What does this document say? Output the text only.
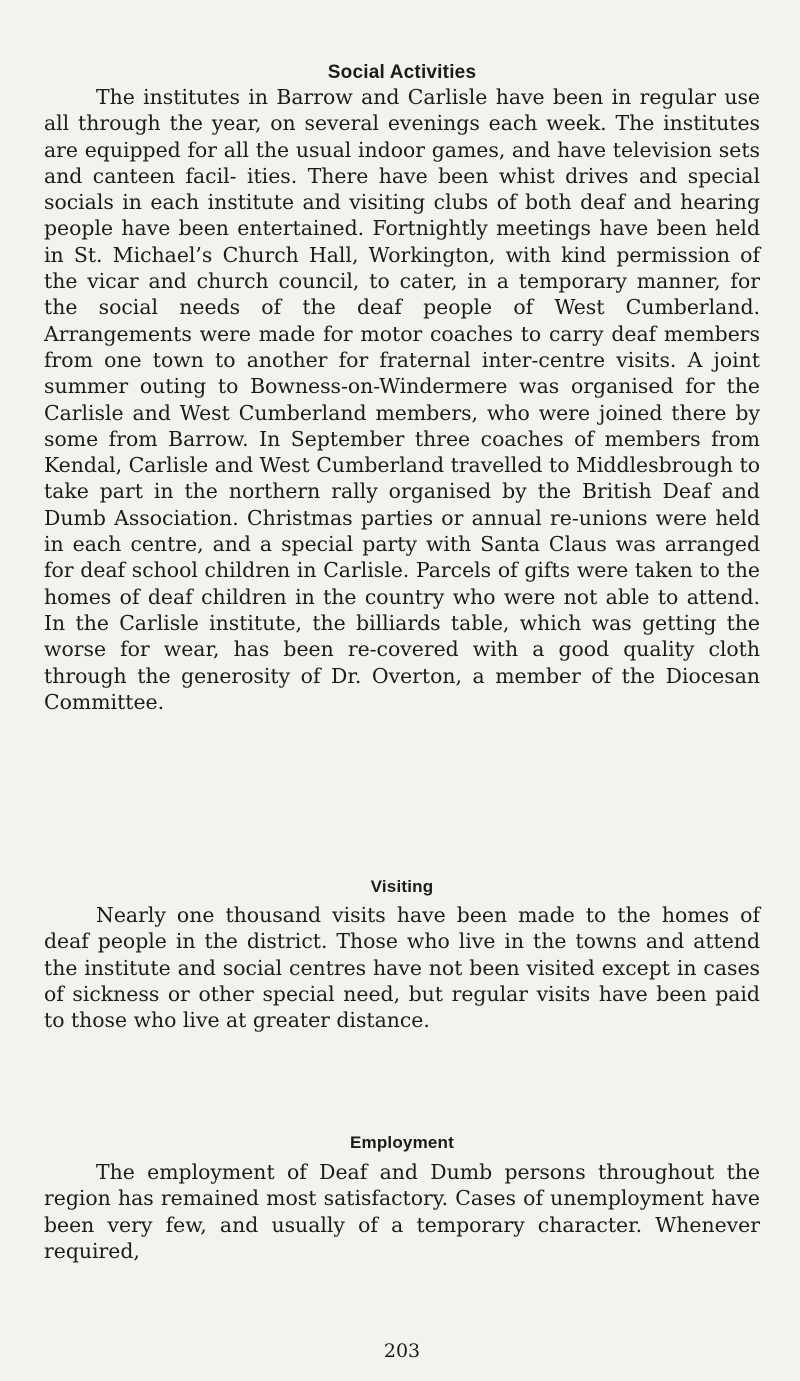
Social Activities

The institutes in Barrow and Carlisle have been in regular use all through the year, on several evenings each week. The institutes are equipped for all the usual indoor games, and have television sets and canteen facil- ities. There have been whist drives and special socials in each institute and visiting clubs of both deaf and hearing people have been entertained. Fortnightly meetings have been held in St. Michael’s Church Hall, Workington, with kind permission of the vicar and church council, to cater, in a temporary manner, for the social needs of the deaf people of West Cumberland. Arrangements were made for motor coaches to carry deaf members from one town to another for fraternal inter-centre visits. A joint summer outing to Bowness-on-Windermere was organised for the Carlisle and West Cumberland members, who were joined there by some from Barrow. In September three coaches of members from Kendal, Carlisle and West Cumberland travelled to Middlesbrough to take part in the northern rally organised by the British Deaf and Dumb Association. Christmas parties or annual re-unions were held in each centre, and a special party with Santa Claus was arranged for deaf school children in Carlisle. Parcels of gifts were taken to the homes of deaf children in the country who were not able to attend. In the Carlisle institute, the billiards table, which was getting the worse for wear, has been re-covered with a good quality cloth through the generosity of Dr. Overton, a member of the Diocesan Committee.

Visiting

Nearly one thousand visits have been made to the homes of deaf people in the district. Those who live in the towns and attend the institute and social centres have not been visited except in cases of sickness or other special need, but regular visits have been paid to those who live at greater distance.

Employment

The employment of Deaf and Dumb persons throughout the region has remained most satisfactory. Cases of unemployment have been very few, and usually of a temporary character. Whenever required,

203
